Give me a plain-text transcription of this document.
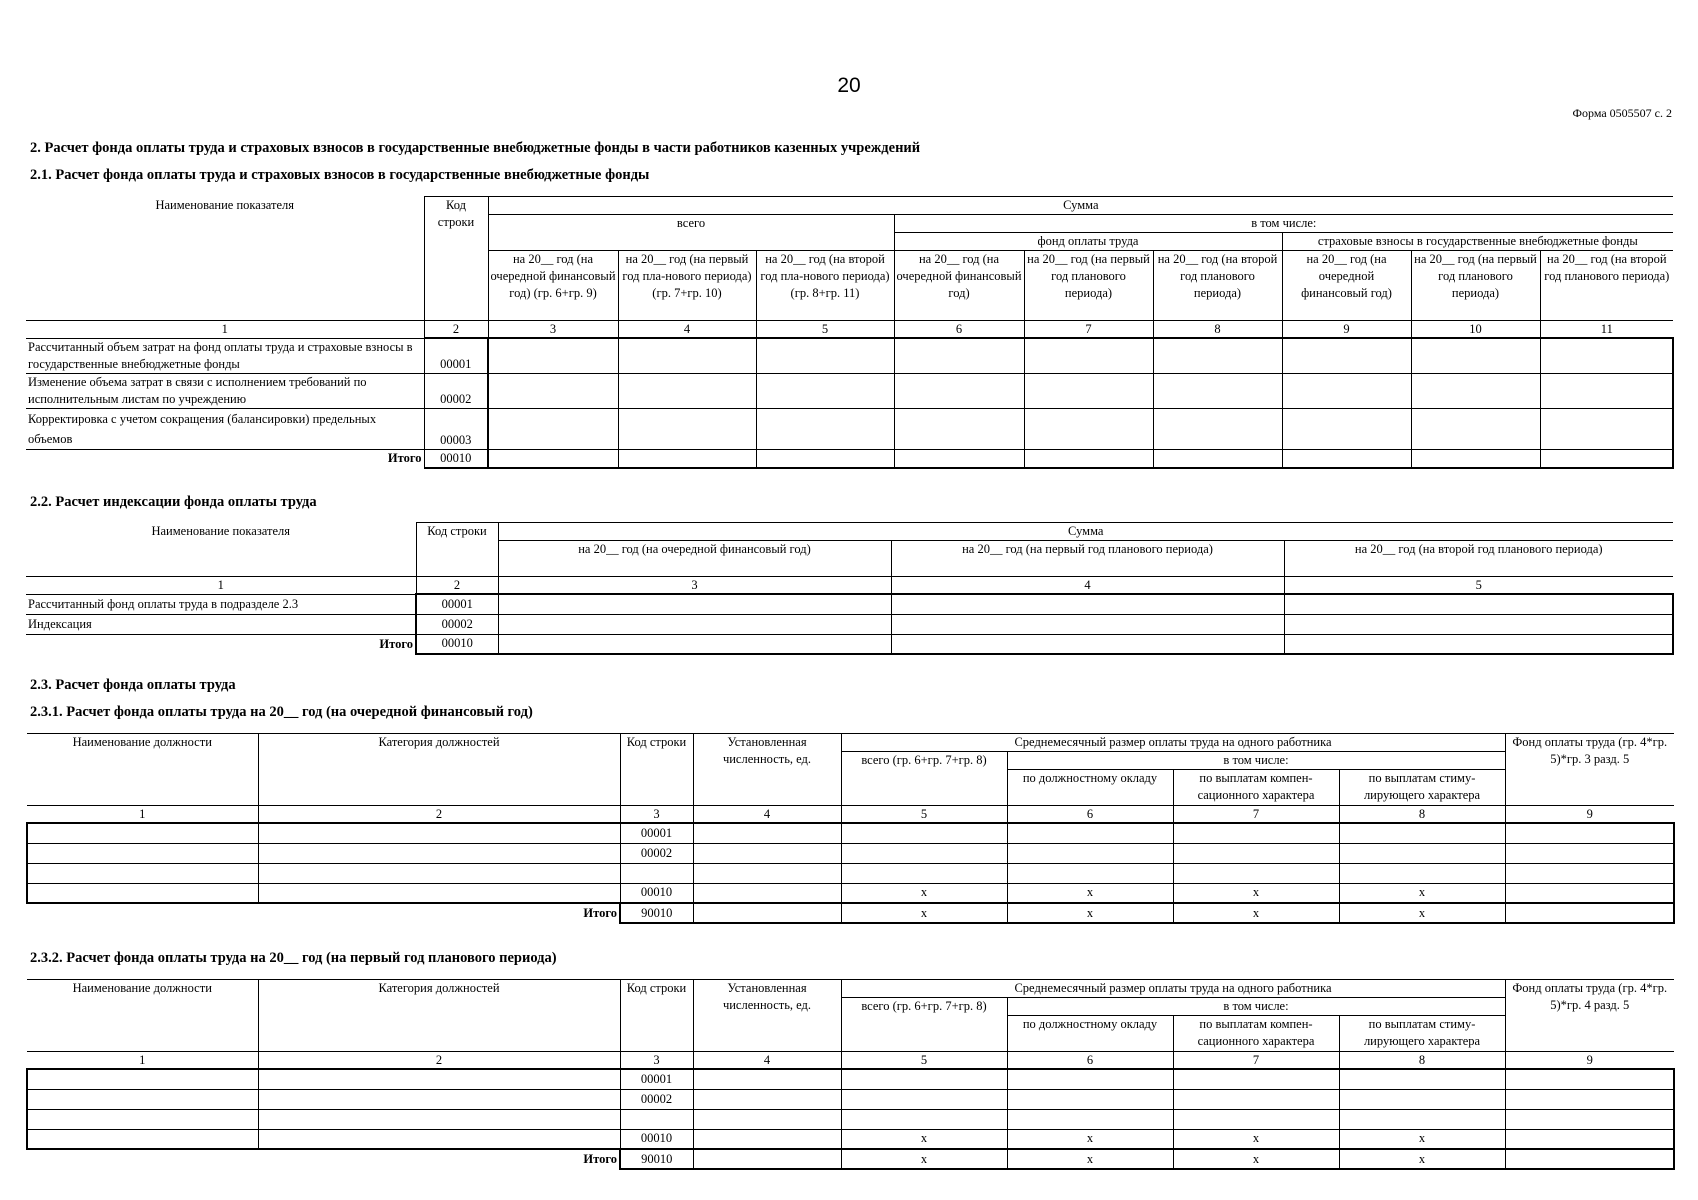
20
Форма 0505507 с. 2
2. Расчет фонда оплаты труда и страховых взносов в государственные внебюджетные фонды в части работников казенных учреждений
2.1. Расчет фонда оплаты труда и страховых взносов в государственные внебюджетные фонды
Наименование показателя	Код строки	Сумма								
		всего			в том числе:					
					фонд оплаты труда			страховые взносы в государственные внебюджетные фонды		
		на 20__ год (на очередной финансовый год) (гр. 6+гр. 9)	на 20__ год (на первый год пла-нового периода) (гр. 7+гр. 10)	на 20__ год (на второй год пла-нового периода) (гр. 8+гр. 11)	на 20__ год (на очередной финансовый год)	на 20__ год (на первый год планового периода)	на 20__ год (на второй год планового периода)	на 20__ год (на очередной финансовый год)	на 20__ год (на первый год планового периода)	на 20__ год (на второй год планового периода)
1	2	3	4	5	6	7	8	9	10	11
Рассчитанный объем затрат на фонд оплаты труда и страховые взносы в государственные внебюджетные фонды	00001									
Изменение объема затрат в связи с исполнением требований по исполнительным листам по учреждению	00002									
Корректировка с учетом сокращения (балансировки) предельных объемов	00003									
Итого	00010									
2.2. Расчет индексации фонда оплаты труда
Наименование показателя	Код строки	Сумма		
		на 20__ год (на очередной финансовый год)	на 20__ год (на первый год планового периода)	на 20__ год (на второй год планового периода)
1	2	3	4	5
Рассчитанный фонд оплаты труда в подразделе 2.3	00001			
Индексация	00002			
Итого	00010			
2.3. Расчет фонда оплаты труда
2.3.1. Расчет фонда оплаты труда на 20__ год (на очередной финансовый год)
Наименование должности	Категория должностей	Код строки	Установленная численность, ед.	Среднемесячный размер оплаты труда на одного работника				Фонд оплаты труда (гр. 4*гр. 5)*гр. 3 разд. 5
				всего (гр. 6+гр. 7+гр. 8)	в том числе:			
					по должностному окладу	по выплатам компен-сационного характера	по выплатам стиму-лирующего характера	
1	2	3	4	5	6	7	8	9
		00001						
		00002						

		00010		x	x	x	x	
	Итого	90010		x	x	x	x	
2.3.2. Расчет фонда оплаты труда на 20__ год (на первый год планового периода)
Наименование должности	Категория должностей	Код строки	Установленная численность, ед.	Среднемесячный размер оплаты труда на одного работника				Фонд оплаты труда (гр. 4*гр. 5)*гр. 4 разд. 5
				всего (гр. 6+гр. 7+гр. 8)	в том числе:			
					по должностному окладу	по выплатам компен-сационного характера	по выплатам стиму-лирующего характера	
1	2	3	4	5	6	7	8	9
		00001						
		00002						

		00010		x	x	x	x	
	Итого	90010		x	x	x	x	
